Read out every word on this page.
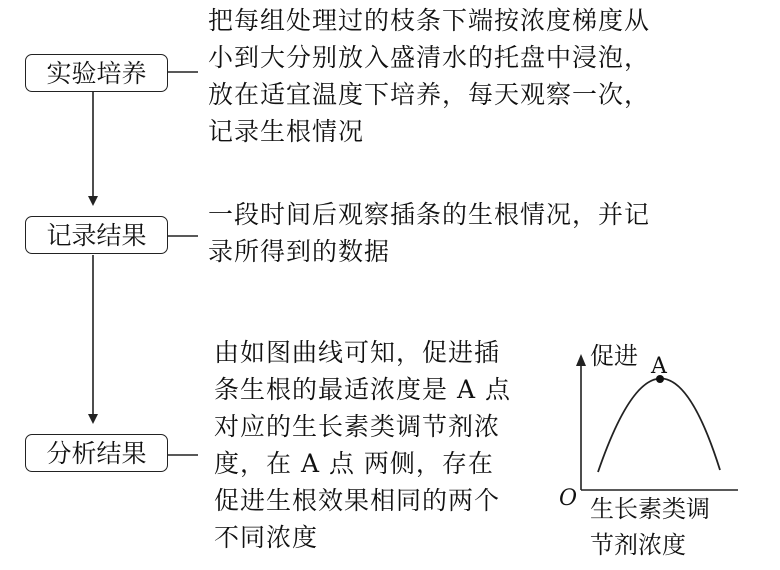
实验培养
把每组处理过的枝条下端按浓度梯度从
小到大分别放入盛清水的托盘中浸泡，
放在适宜温度下培养，每天观察一次，
记录生根情况
记录结果
一段时间后观察插条的生根情况，并记
录所得到的数据
分析结果
由如图曲线可知，促进插
条生根的最适浓度是 A 点
对应的生长素类调节剂浓
度，在 A 点 两侧，存在
促进生根效果相同的两个
不同浓度
促进 A
O 生长素类调
节剂浓度
